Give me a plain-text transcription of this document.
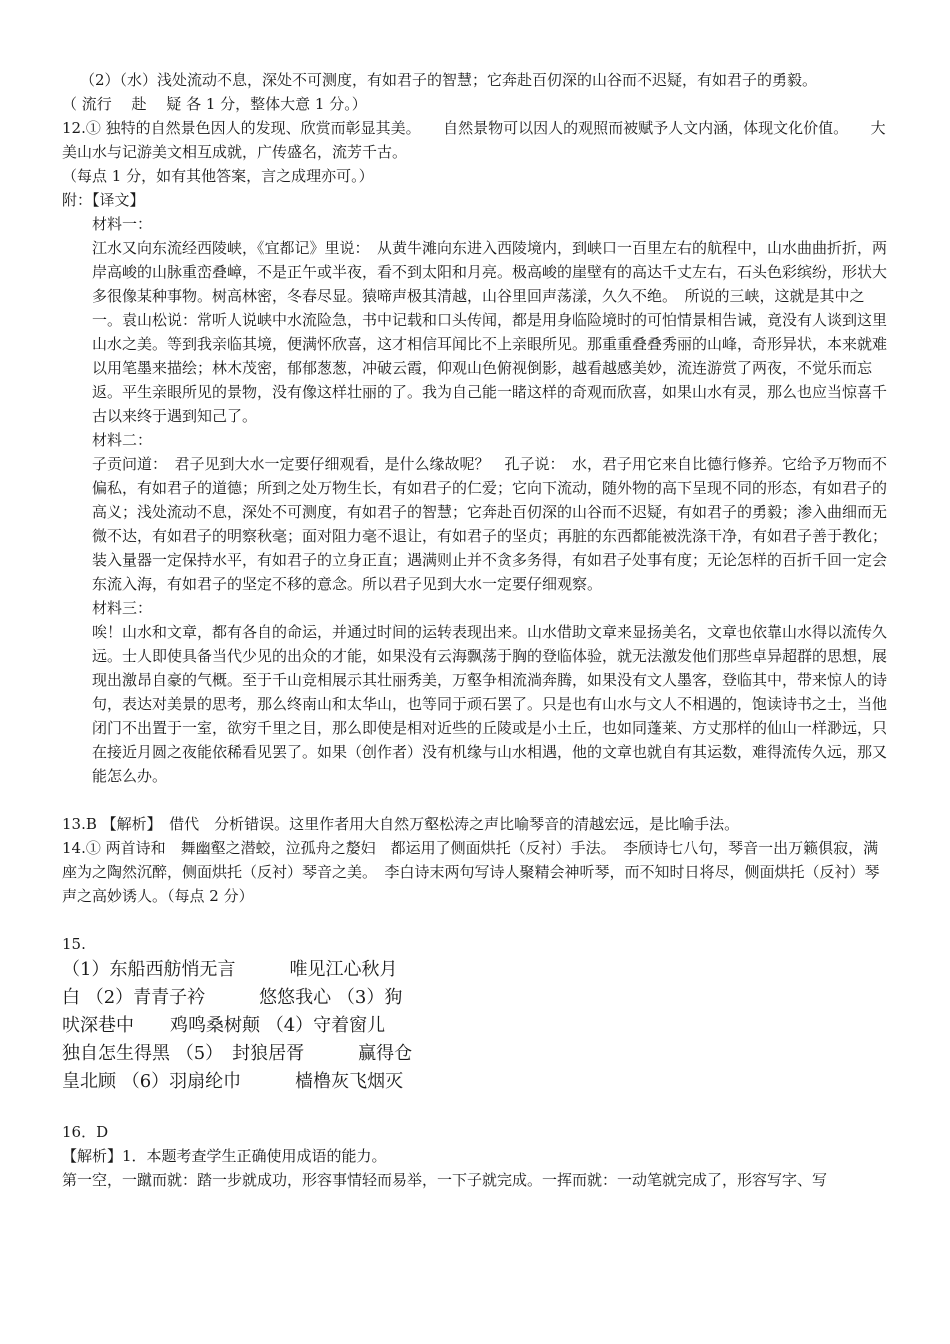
（2）（水）浅处流动不息，深处不可测度，有如君子的智慧；它奔赴百仞深的山谷而不迟疑，有如君子的勇毅。

（ 流行　 赴　 疑 各 1 分，整体大意 1 分。）

12.① 独特的自然景色因人的发现、欣赏而彰显其美。　　自然景物可以因人的观照而被赋予人文内涵，体现文化价值。　　大美山水与记游美文相互成就，广传盛名，流芳千古。

（每点 1 分，如有其他答案，言之成理亦可。）

附：【译文】

材料一：

江水又向东流经西陵峡，《宜都记》里说：　从黄牛滩向东进入西陵境内，到峡口一百里左右的航程中，山水曲曲折折，两岸高峻的山脉重峦叠嶂，不是正午或半夜，看不到太阳和月亮。极高峻的崖壁有的高达千丈左右，石头色彩缤纷，形状大多很像某种事物。树高林密，冬春尽显。猿啼声极其清越，山谷里回声荡漾，久久不绝。　所说的三峡，这就是其中之一。袁山松说：常听人说峡中水流险急，书中记载和口头传闻，都是用身临险境时的可怕情景相告诫，竟没有人谈到这里山水之美。等到我亲临其境，便满怀欣喜，这才相信耳闻比不上亲眼所见。那重重叠叠秀丽的山峰，奇形异状，本来就难以用笔墨来描绘；林木茂密，郁郁葱葱，冲破云霞，仰观山色俯视倒影，越看越感美妙，流连游赏了两夜，不觉乐而忘返。平生亲眼所见的景物，没有像这样壮丽的了。我为自己能一睹这样的奇观而欣喜，如果山水有灵，那么也应当惊喜千古以来终于遇到知己了。

材料二：

子贡问道：　君子见到大水一定要仔细观看，是什么缘故呢？　孔子说：　水，君子用它来自比德行修养。它给予万物而不偏私，有如君子的道德；所到之处万物生长，有如君子的仁爱；它向下流动，随外物的高下呈现不同的形态，有如君子的高义；浅处流动不息，深处不可测度，有如君子的智慧；它奔赴百仞深的山谷而不迟疑，有如君子的勇毅；渗入曲细而无微不达，有如君子的明察秋毫；面对阻力毫不退让，有如君子的坚贞；再脏的东西都能被洗涤干净，有如君子善于教化；装入量器一定保持水平，有如君子的立身正直；遇满则止并不贪多务得，有如君子处事有度；无论怎样的百折千回一定会东流入海，有如君子的坚定不移的意念。所以君子见到大水一定要仔细观察。

材料三：

唉！山水和文章，都有各自的命运，并通过时间的运转表现出来。山水借助文章来显扬美名，文章也依靠山水得以流传久远。士人即使具备当代少见的出众的才能，如果没有云海飘荡于胸的登临体验，就无法激发他们那些卓异超群的思想，展现出激昂自豪的气概。至于千山竞相展示其壮丽秀美，万壑争相流淌奔腾，如果没有文人墨客，登临其中，带来惊人的诗句，表达对美景的思考，那么终南山和太华山，也等同于顽石罢了。只是也有山水与文人不相遇的，饱读诗书之士，当他闭门不出置于一室，欲穷千里之目，那么即使是相对近些的丘陵或是小土丘，也如同蓬莱、方丈那样的仙山一样渺远，只在接近月圆之夜能依稀看见罢了。如果（创作者）没有机缘与山水相遇，他的文章也就自有其运数，难得流传久远，那又能怎么办。

13.B 【解析】　借代　分析错误。这里作者用大自然万壑松涛之声比喻琴音的清越宏远，是比喻手法。

14.① 两首诗和　舞幽壑之潜蛟，泣孤舟之嫠妇　都运用了侧面烘托（反衬）手法。　李颀诗七八句，琴音一出万籁俱寂，满座为之陶然沉醉，侧面烘托（反衬）琴音之美。　李白诗末两句写诗人聚精会神听琴，而不知时日将尽，侧面烘托（反衬）琴声之高妙诱人。（每点 2 分）

15.

（1）东船西舫悄无言　　　唯见江心秋月

白 （2）青青子衿　　　悠悠我心 （3）狗

吠深巷中　　鸡鸣桑树颠 （4）守着窗儿

独自怎生得黑 （5）　封狼居胥　　　赢得仓

皇北顾 （6）羽扇纶巾　　　樯橹灰飞烟灭

16．D

【解析】1．本题考查学生正确使用成语的能力。

第一空，一蹴而就：踏一步就成功，形容事情轻而易举，一下子就完成。一挥而就：一动笔就完成了，形容写字、写
